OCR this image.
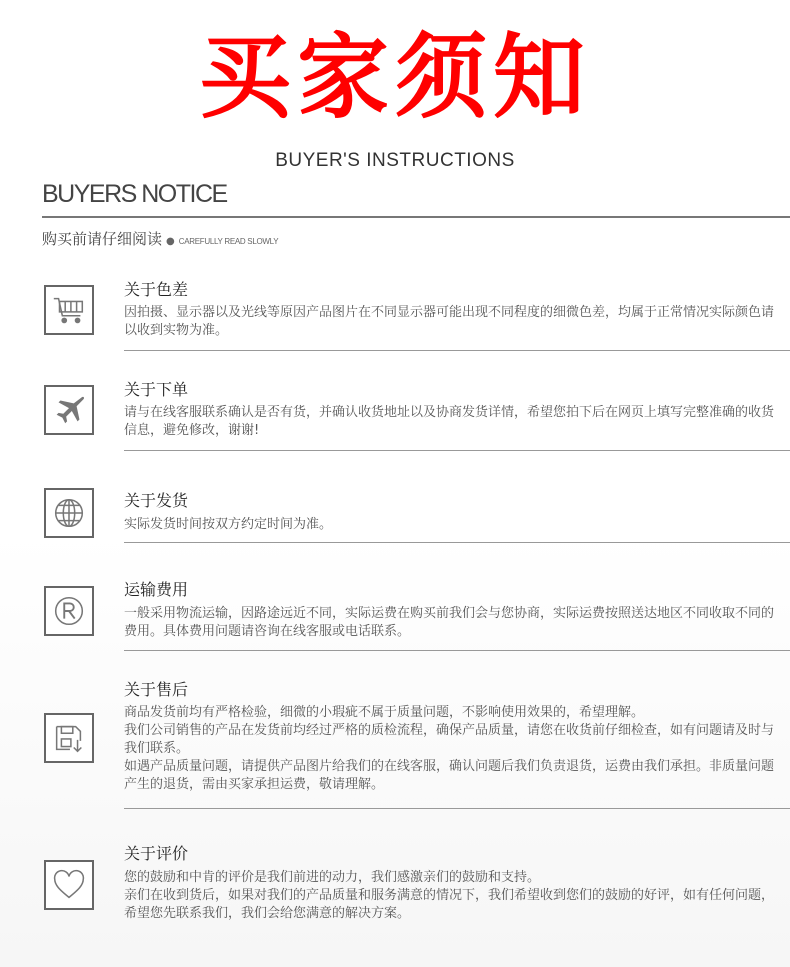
买家须知
BUYER'S INSTRUCTIONS
BUYERS NOTICE
购买前请仔细阅读 ● CAREFULLY READ SLOWLY
关于色差

因拍摄、显示器以及光线等原因产品图片在不同显示器可能出现不同程度的细微色差，均属于正常情况实际颜色请以收到实物为准。

关于下单

请与在线客服联系确认是否有货，并确认收货地址以及协商发货详情，希望您拍下后在网页上填写完整准确的收货信息，避免修改，谢谢!

关于发货

实际发货时间按双方约定时间为准。

运输费用

一般采用物流运输，因路途远近不同，实际运费在购买前我们会与您协商，实际运费按照送达地区不同收取不同的费用。具体费用问题请咨询在线客服或电话联系。

关于售后

商品发货前均有严格检验，细微的小瑕疵不属于质量问题，不影响使用效果的，希望理解。

我们公司销售的产品在发货前均经过严格的质检流程，确保产品质量，请您在收货前仔细检查，如有问题请及时与我们联系。

如遇产品质量问题，请提供产品图片给我们的在线客服，确认问题后我们负责退货，运费由我们承担。非质量问题产生的退货，需由买家承担运费，敬请理解。

关于评价

您的鼓励和中肯的评价是我们前进的动力，我们感激亲们的鼓励和支持。

亲们在收到货后，如果对我们的产品质量和服务满意的情况下，我们希望收到您们的鼓励的好评，如有任何问题，希望您先联系我们，我们会给您满意的解决方案。
